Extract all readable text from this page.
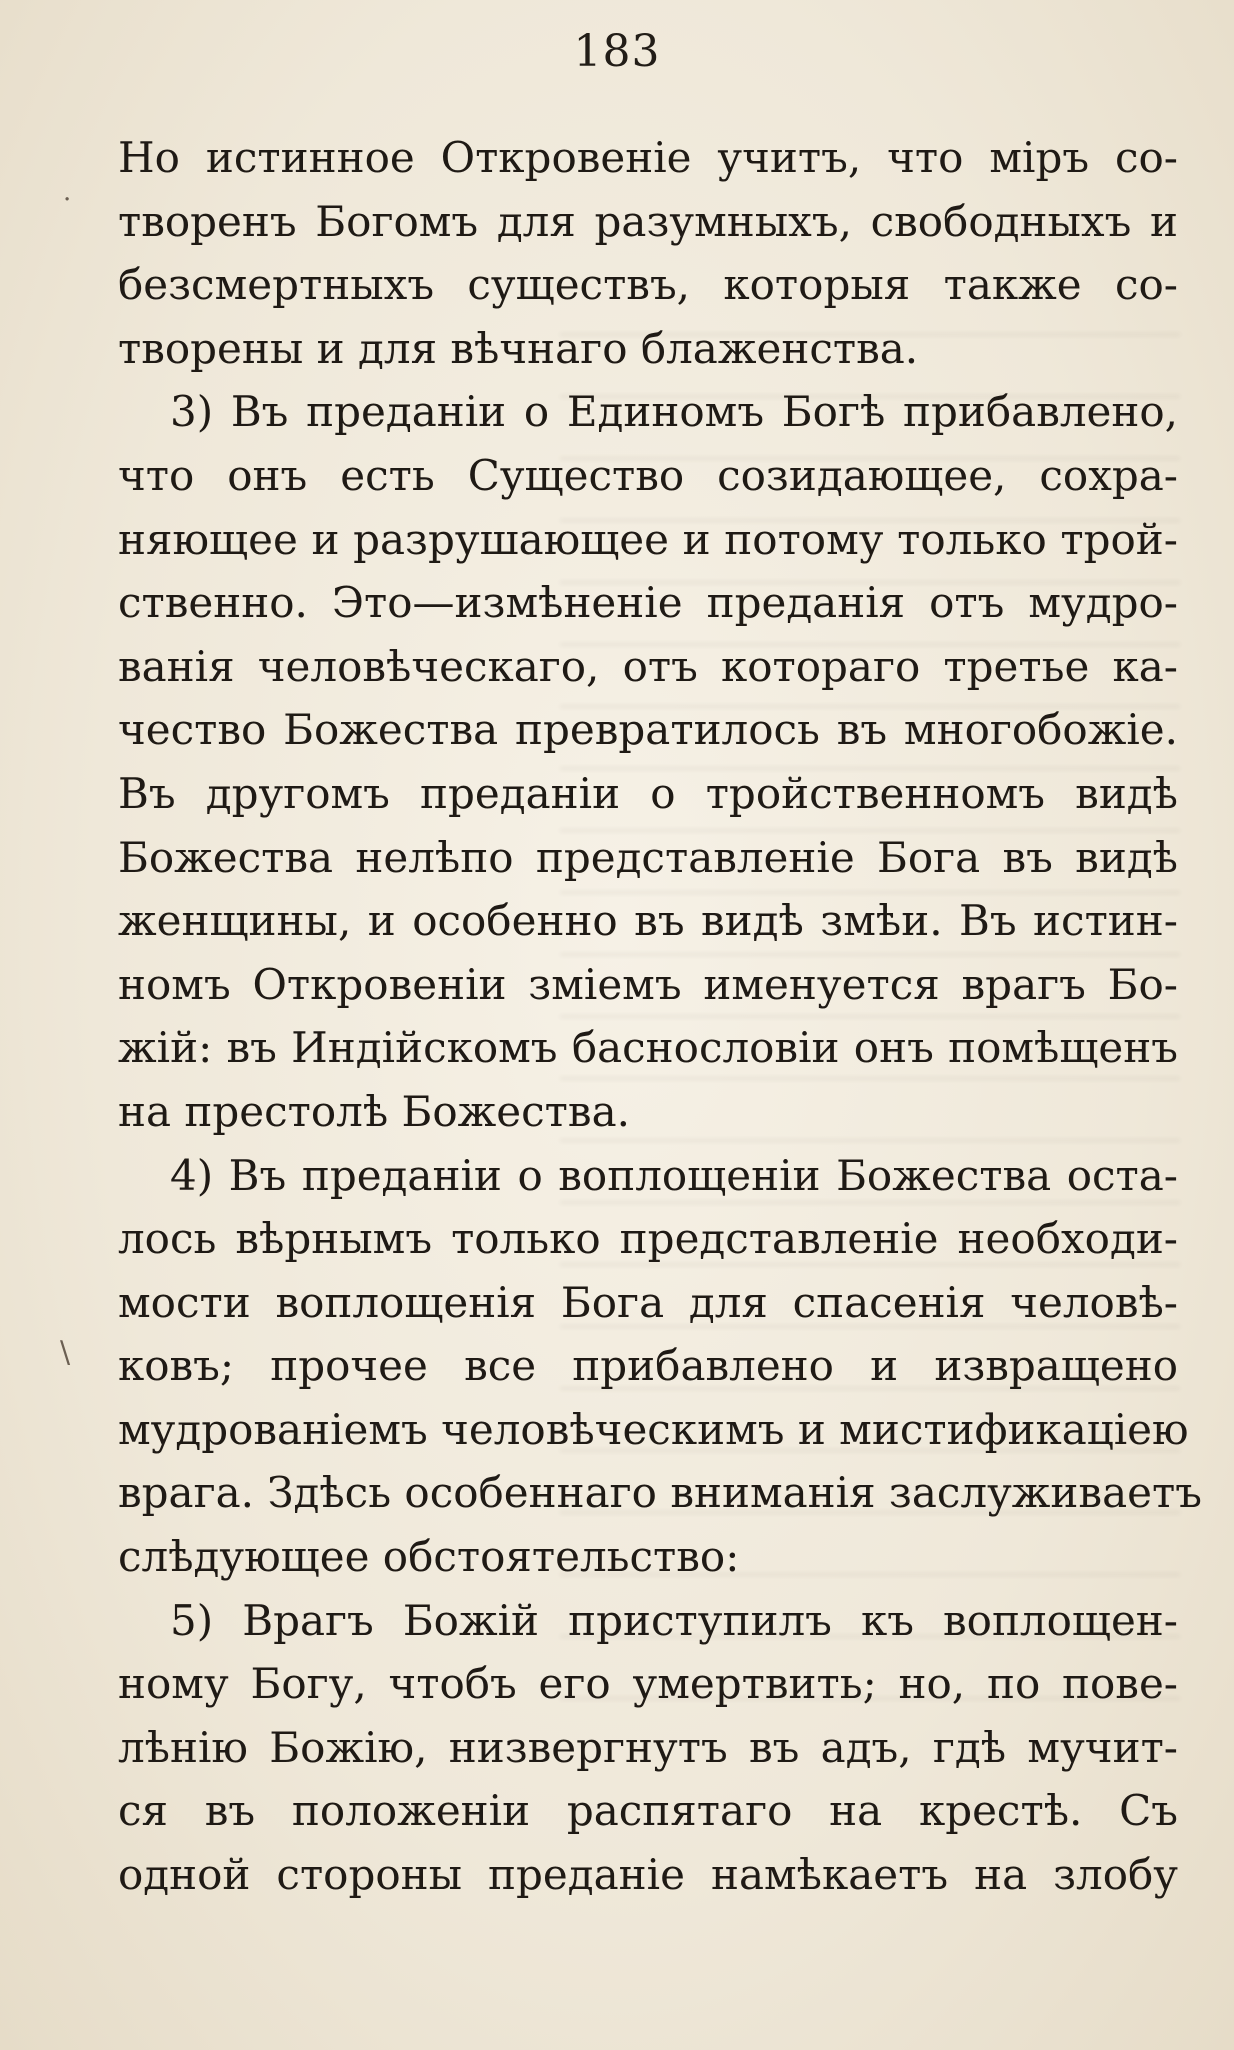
183
·
\
Но истинное Откровеніе учитъ, что міръ со-
творенъ Богомъ для разумныхъ, свободныхъ и
безсмертныхъ существъ, которыя также со-
творены и для вѣчнаго блаженства.
3) Въ преданіи о Единомъ Богѣ прибавлено,
что онъ есть Существо созидающее, сохра-
няющее и разрушающее и потому только трой-
ственно. Это—измѣненіе преданія отъ мудро-
ванія человѣческаго, отъ котораго третье ка-
чество Божества превратилось въ многобожіе.
Въ другомъ преданіи о тройственномъ видѣ
Божества нелѣпо представленіе Бога въ видѣ
женщины, и особенно въ видѣ змѣи. Въ истин-
номъ Откровеніи зміемъ именуется врагъ Бо-
жій: въ Индійскомъ баснословіи онъ помѣщенъ
на престолѣ Божества.
4) Въ преданіи о воплощеніи Божества оста-
лось вѣрнымъ только представленіе необходи-
мости воплощенія Бога для спасенія человѣ-
ковъ; прочее все прибавлено и извращено
мудрованіемъ человѣческимъ и мистификаціею
врага. Здѣсь особеннаго вниманія заслуживаетъ
слѣдующее обстоятельство:
5) Врагъ Божій приступилъ къ воплощен-
ному Богу, чтобъ его умертвить; но, по пове-
лѣнію Божію, низвергнутъ въ адъ, гдѣ мучит-
ся въ положеніи распятаго на крестѣ. Съ
одной стороны преданіе намѣкаетъ на злобу
